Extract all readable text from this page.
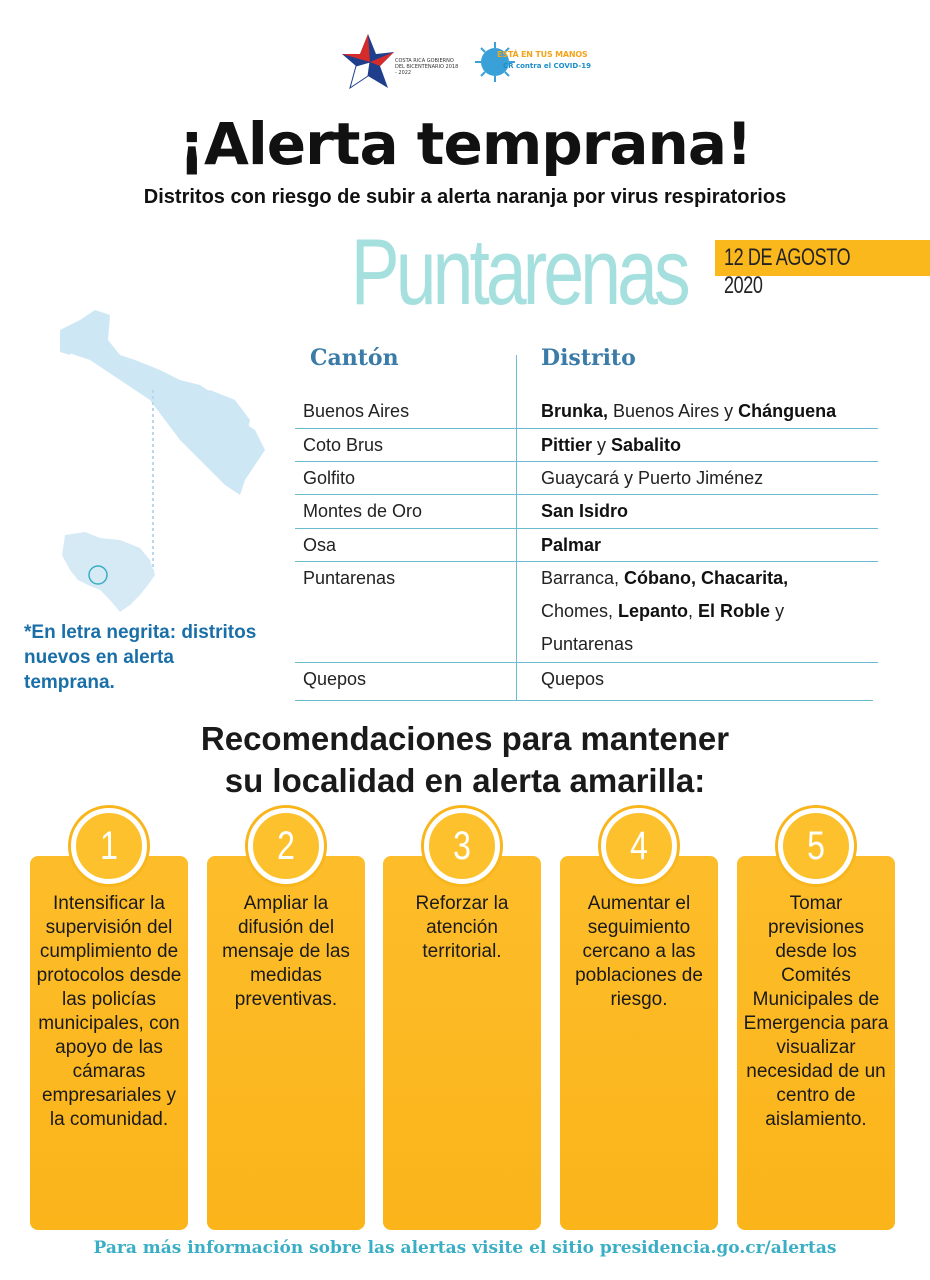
COSTA RICA GOBIERNO DEL BICENTENARIO 2018 - 2022
ESTÁ EN TUS MANOS
CR contra el COVID-19
¡Alerta temprana!
Distritos con riesgo de subir a alerta naranja por virus respiratorios
Puntarenas 12 DE AGOSTO 2020
*En letra negrita: distritos nuevos en alerta temprana.
Cantón	Distrito
Buenos Aires	Brunka, Buenos Aires y Chánguena
Coto Brus	Pittier y Sabalito
Golfito	Guaycará y Puerto Jiménez
Montes de Oro	San Isidro
Osa	Palmar
Puntarenas	Barranca, Cóbano, Chacarita, Chomes, Lepanto, El Roble y Puntarenas
Quepos	Quepos
Recomendaciones para mantener
su localidad en alerta amarilla:
Intensificar la supervisión del cumplimiento de protocolos desde las policías municipales, con apoyo de las cámaras empresariales y la comunidad.
1
Ampliar la difusión del mensaje de las medidas preventivas.
2
Reforzar la atención territorial.
3
Aumentar el seguimiento cercano a las poblaciones de riesgo.
4
Tomar previsiones desde los Comités Municipales de Emergencia para visualizar necesidad de un centro de aislamiento.
5
Para más información sobre las alertas visite el sitio presidencia.go.cr/alertas
